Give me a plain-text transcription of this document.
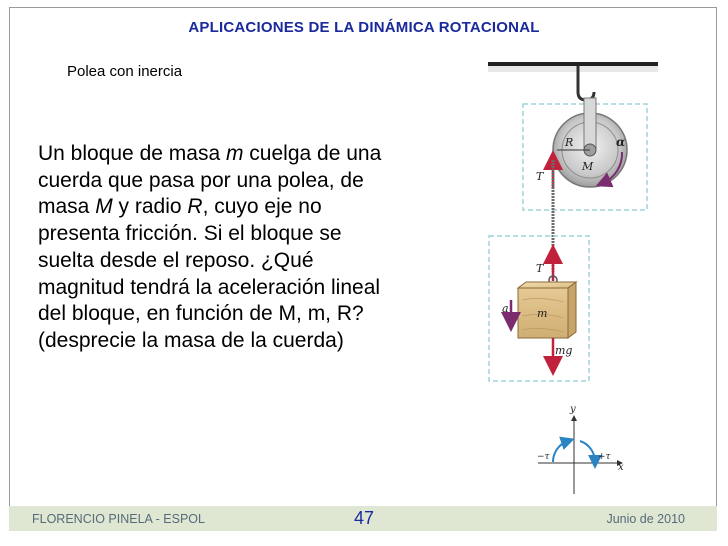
APLICACIONES DE LA DINÁMICA ROTACIONAL
Polea con inercia

Un bloque de masa m cuelga de una cuerda que pasa por una polea, de masa M y radio R, cuyo eje no presenta fricción. Si el bloque se suelta desde el reposo. ¿Qué magnitud tendrá la aceleración lineal del bloque, en función de M, m, R? (desprecie la masa de la cuerda)

R
M
α
T
T
m
mg
a
y
x
−τ	+τ
FLORENCIO PINELA - ESPOL	47	Junio de 2010
